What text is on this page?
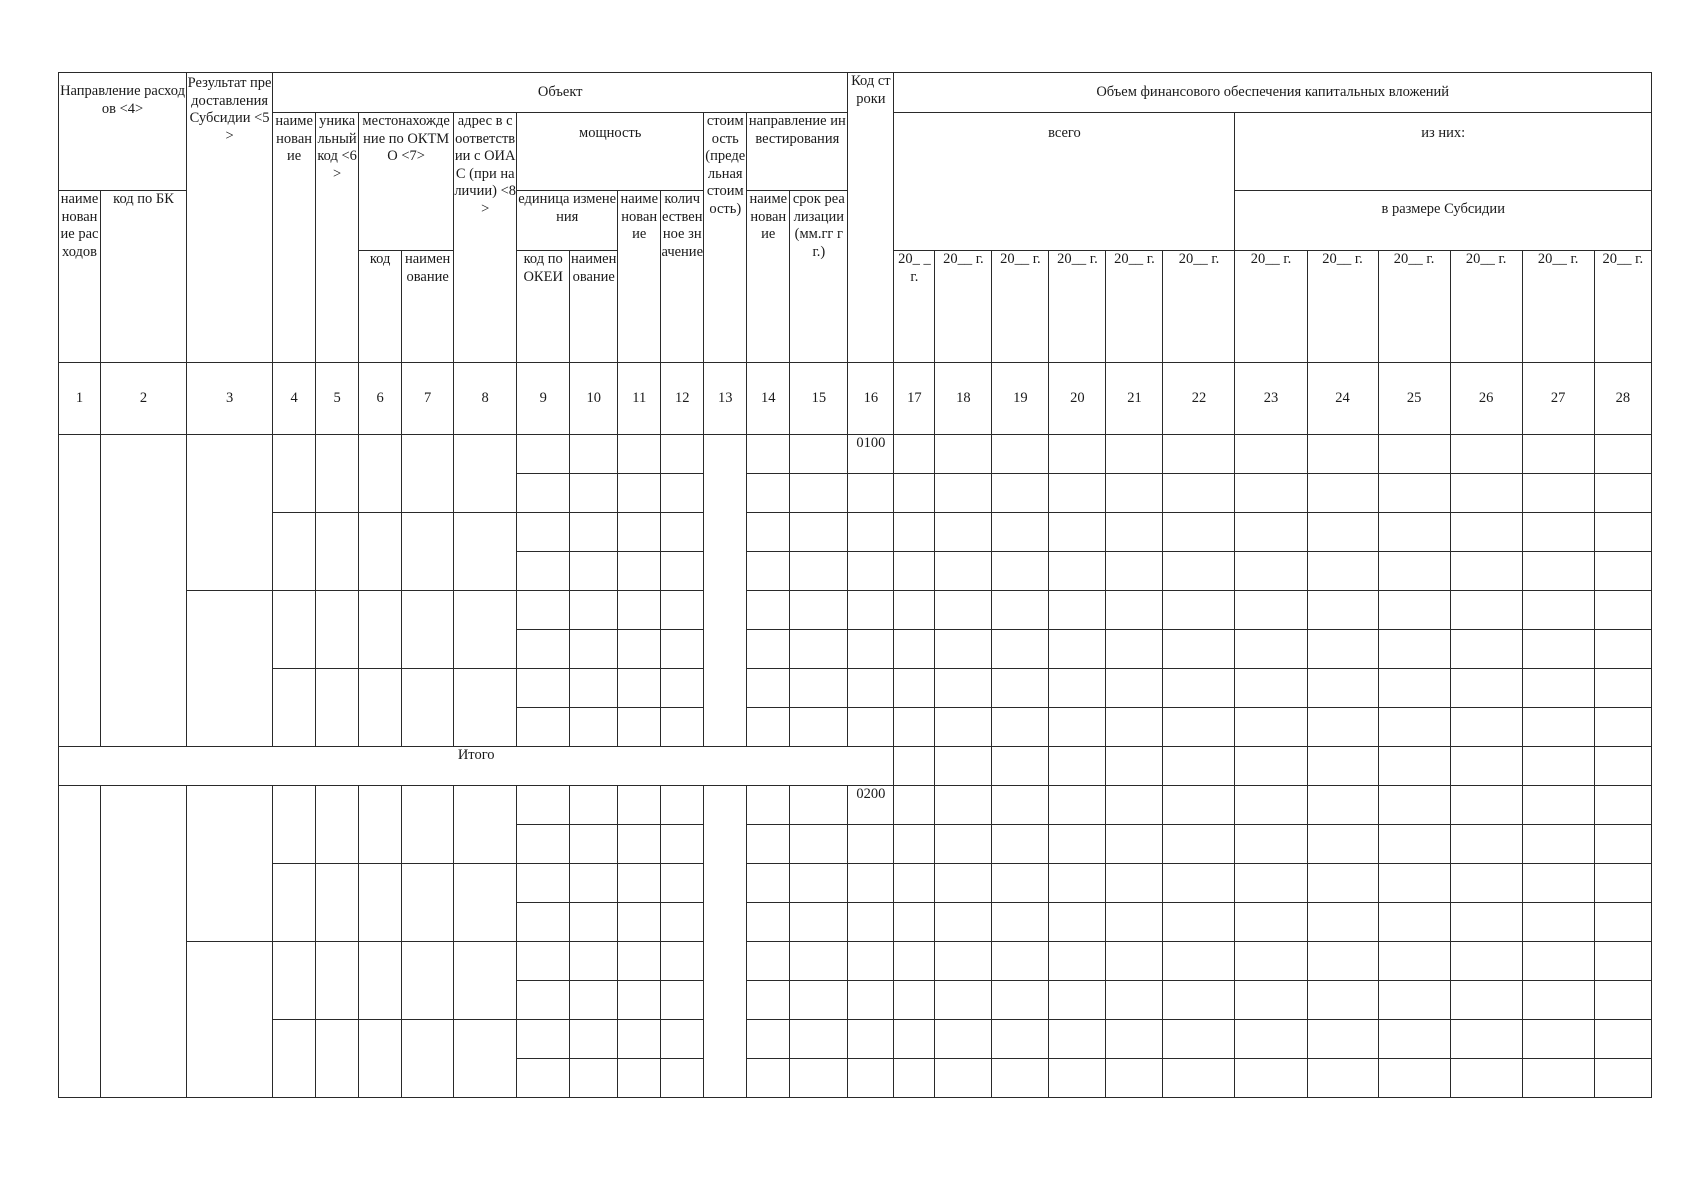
Направление расходов <4>		Результат предоставления Субсидии <5>	Объект												Код строки	Объем финансового обеспечения капитальных вложений											
			наименование	уникальный код <6>	местонахождение по ОКТМО <7>		адрес в соответствии с ОИАС (при наличии) <8>	мощность				стоимость (предельная стоимость)	направление инвестирования			всего						из них:					
наименование расходов	код по БК							единица изменения		наименование	количественное значение		наименование	срок реализации (мм.гг гг.)								в размере Субсидии					
					код	наименование		код по ОКЕИ	наименование							20_ _ г.	20__ г.	20__ г.	20__ г.	20__ г.	20__ г.	20__ г.	20__ г.	20__ г.	20__ г.	20__ г.	20__ г.
1	2	3	4	5	6	7	8	9	10	11	12	13	14	15	16	17	18	19	20	21	22	23	24	25	26	27	28
															0100												

Итого																											
															0200												
